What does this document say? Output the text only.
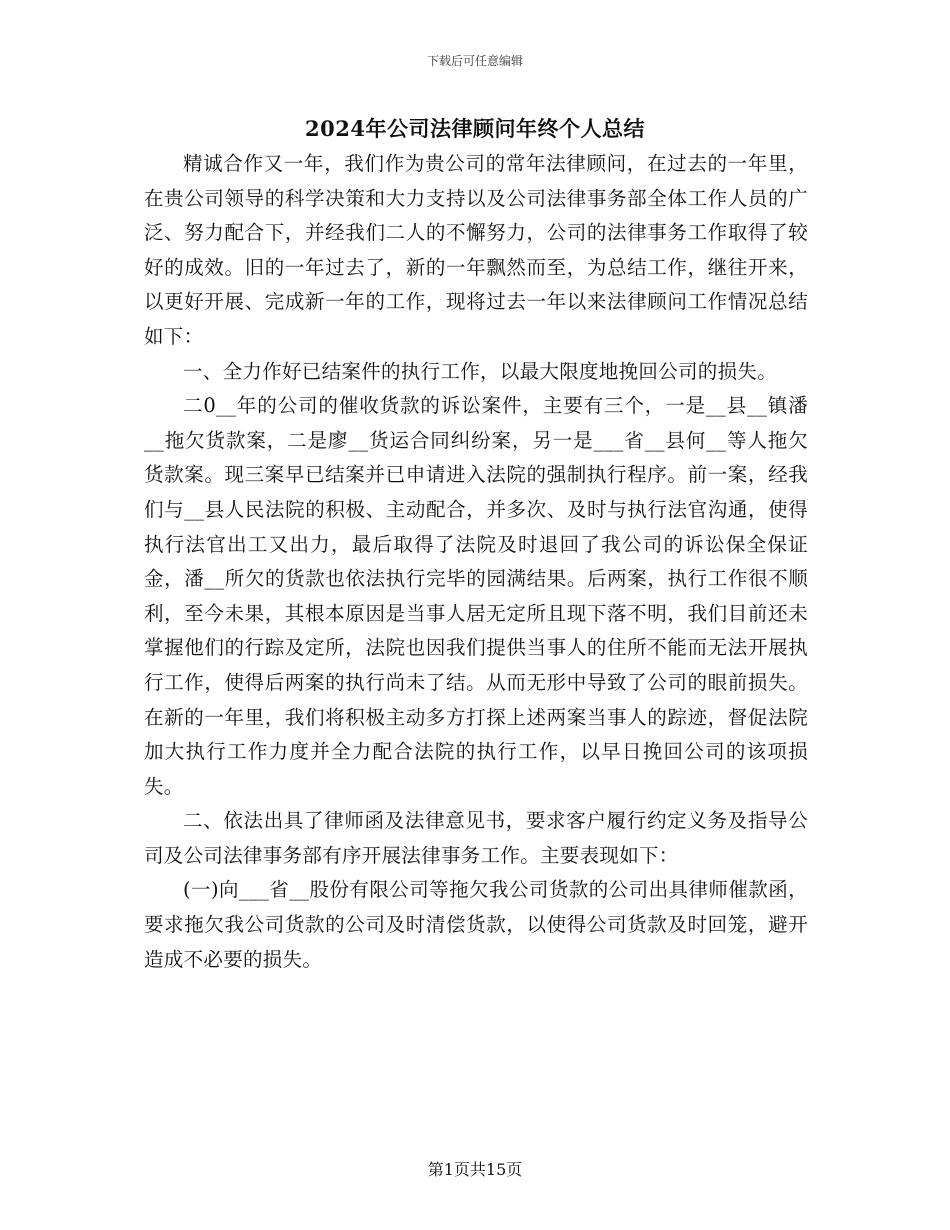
下载后可任意编辑
2024年公司法律顾问年终个人总结

精诚合作又一年，我们作为贵公司的常年法律顾问，在过去的一年里，在贵公司领导的科学决策和大力支持以及公司法律事务部全体工作人员的广泛、努力配合下，并经我们二人的不懈努力，公司的法律事务工作取得了较好的成效。旧的一年过去了，新的一年飘然而至，为总结工作，继往开来，以更好开展、完成新一年的工作，现将过去一年以来法律顾问工作情况总结如下：

一、全力作好已结案件的执行工作，以最大限度地挽回公司的损失。

二0__年的公司的催收货款的诉讼案件，主要有三个，一是__县__镇潘__拖欠货款案，二是廖__货运合同纠纷案，另一是___省__县何__等人拖欠货款案。现三案早已结案并已申请进入法院的强制执行程序。前一案，经我们与__县人民法院的积极、主动配合，并多次、及时与执行法官沟通，使得执行法官出工又出力，最后取得了法院及时退回了我公司的诉讼保全保证金，潘__所欠的货款也依法执行完毕的园满结果。后两案，执行工作很不顺利，至今未果，其根本原因是当事人居无定所且现下落不明，我们目前还未掌握他们的行踪及定所，法院也因我们提供当事人的住所不能而无法开展执行工作，使得后两案的执行尚未了结。从而无形中导致了公司的眼前损失。在新的一年里，我们将积极主动多方打探上述两案当事人的踪迹，督促法院加大执行工作力度并全力配合法院的执行工作，以早日挽回公司的该项损失。

二、依法出具了律师函及法律意见书，要求客户履行约定义务及指导公司及公司法律事务部有序开展法律事务工作。主要表现如下：

(一)向___省__股份有限公司等拖欠我公司货款的公司出具律师催款函，要求拖欠我公司货款的公司及时清偿货款，以使得公司货款及时回笼，避开造成不必要的损失。

第1页共15页
